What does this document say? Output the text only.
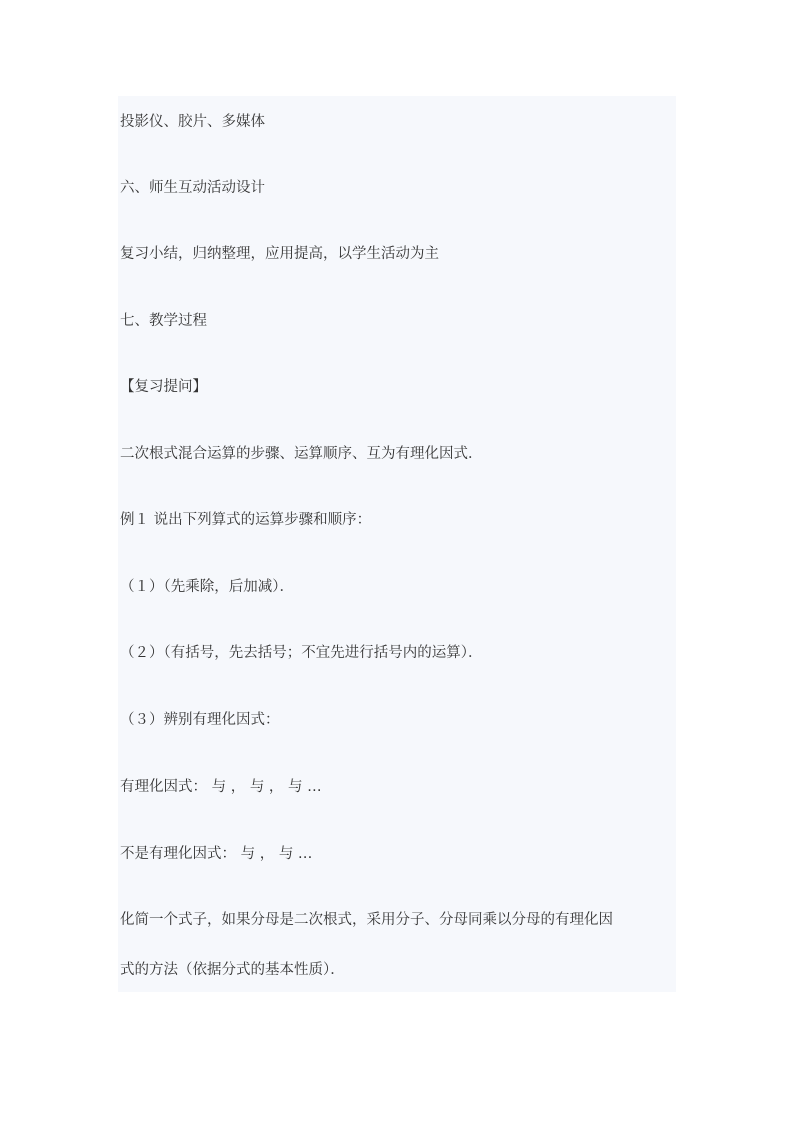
投影仪、胶片、多媒体
六、师生互动活动设计
复习小结，归纳整理，应用提高，以学生活动为主
七、教学过程
【复习提问】
二次根式混合运算的步骤、运算顺序、互为有理化因式．
例１ 说出下列算式的运算步骤和顺序：
（１）（先乘除，后加减）．
（２）（有括号，先去括号；不宜先进行括号内的运算）．
（３）辨别有理化因式：
有理化因式： 与 ， 与 ， 与 …
不是有理化因式： 与 ， 与 …
化简一个式子，如果分母是二次根式，采用分子、分母同乘以分母的有理化因
式的方法（依据分式的基本性质）．
